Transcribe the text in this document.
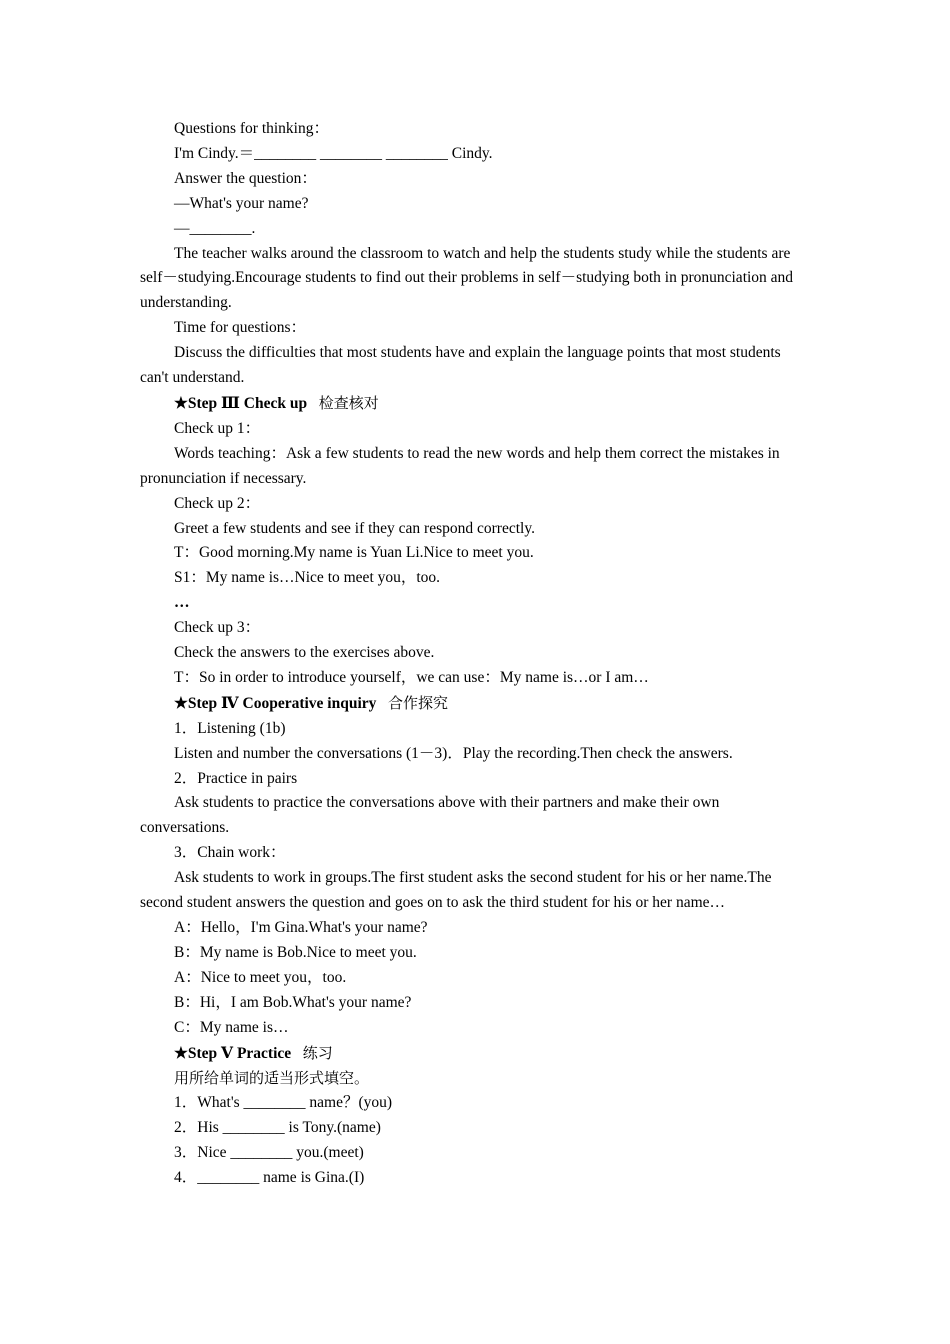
Questions for thinking：

I'm Cindy.＝________ ________ ________ Cindy.

Answer the question：

—What's your name?

—________.

The teacher walks around the classroom to watch and help the students study while the students are self－studying.Encourage students to find out their problems in self－studying both in pronunciation and understanding.

Time for questions：

Discuss the difficulties that most students have and explain the language points that most students can't understand.

★Step Ⅲ Check up 检查核对

Check up 1：

Words teaching：Ask a few students to read the new words and help them correct the mistakes in pronunciation if necessary.

Check up 2：

Greet a few students and see if they can respond correctly.

T：Good morning.My name is Yuan Li.Nice to meet you.

S1：My name is…Nice to meet you，too.

…

Check up 3：

Check the answers to the exercises above.

T：So in order to introduce yourself，we can use：My name is…or I am…

★Step Ⅳ Cooperative inquiry 合作探究

1．Listening (1b)

Listen and number the conversations (1－3)．Play the recording.Then check the answers.

2．Practice in pairs

Ask students to practice the conversations above with their partners and make their own conversations.

3．Chain work：

Ask students to work in groups.The first student asks the second student for his or her name.The second student answers the question and goes on to ask the third student for his or her name…

A：Hello，I'm Gina.What's your name?

B：My name is Bob.Nice to meet you.

A：Nice to meet you，too.

B：Hi，I am Bob.What's your name?

C：My name is…

★Step Ⅴ Practice 练习

用所给单词的适当形式填空。

1．What's ________ name？(you)

2．His ________ is Tony.(name)

3．Nice ________ you.(meet)

4．________ name is Gina.(I)
